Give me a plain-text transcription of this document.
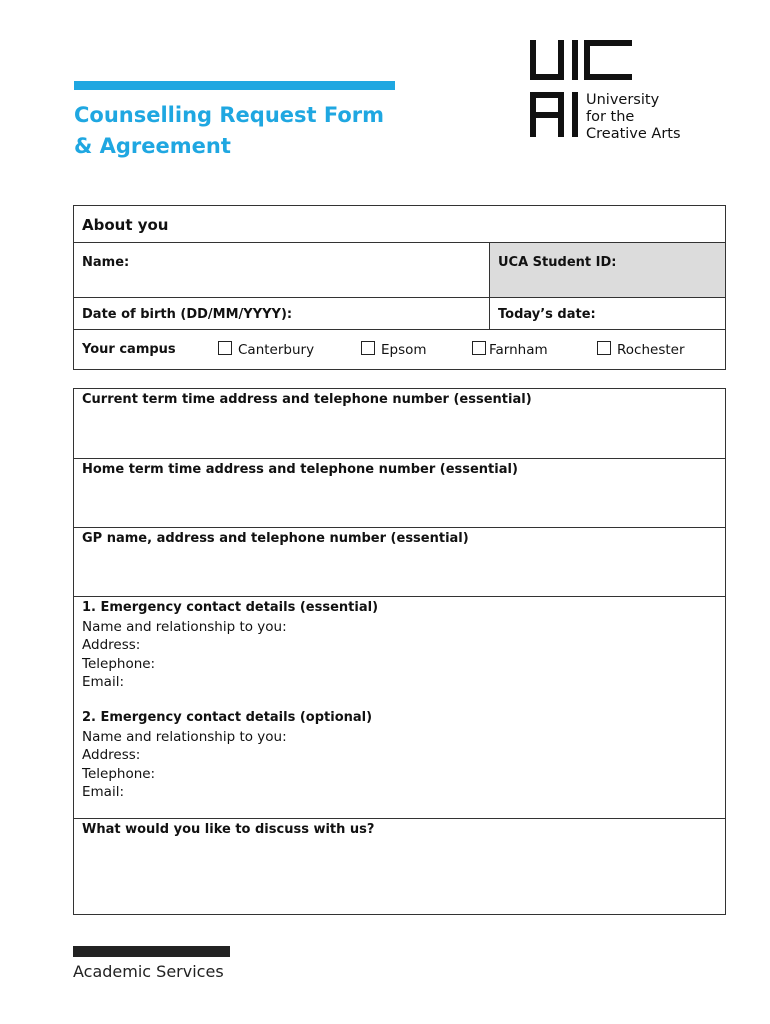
Counselling Request Form
& Agreement
University
for the
Creative Arts
About you
Name:	UCA Student ID:
Date of birth (DD/MM/YYYY):	Today’s date:
Your campus	Canterbury	Epsom	Farnham	Rochester
Current term time address and telephone number (essential)
Home term time address and telephone number (essential)
GP name, address and telephone number (essential)
1. Emergency contact details (essential)
Name and relationship to you:
Address:
Telephone:
Email:
2. Emergency contact details (optional)
Name and relationship to you:
Address:
Telephone:
Email:
What would you like to discuss with us?
Academic Services
